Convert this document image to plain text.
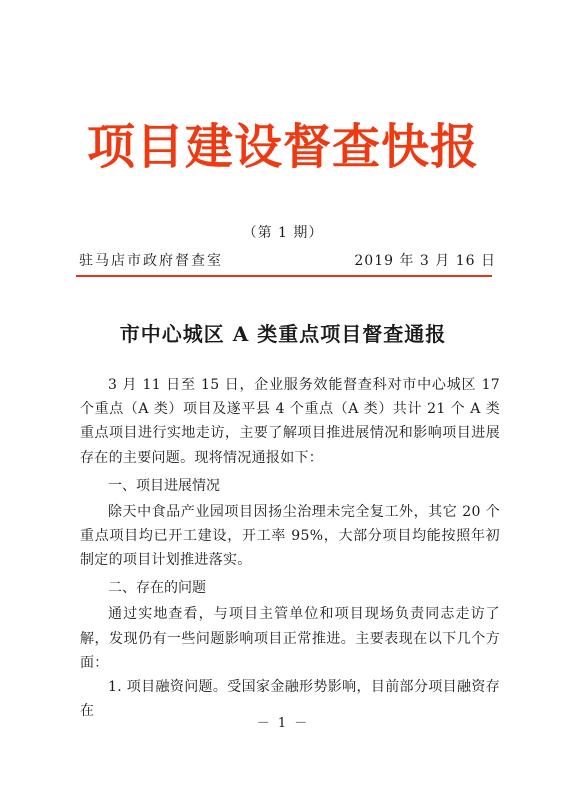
项目建设督查快报
（第 1 期）
驻马店市政府督查室	2019 年 3 月 16 日
市中心城区 A 类重点项目督查通报

3 月 11 日至 15 日，企业服务效能督查科对市中心城区 17 个重点（A 类）项目及遂平县 4 个重点（A 类）共计 21 个 A 类重点项目进行实地走访，主要了解项目推进展情况和影响项目进展存在的主要问题。现将情况通报如下：

一、项目进展情况

除天中食品产业园项目因扬尘治理未完全复工外，其它 20 个重点项目均已开工建设，开工率 95%，大部分项目均能按照年初制定的项目计划推进落实。

二、存在的问题

通过实地查看，与项目主管单位和项目现场负责同志走访了解，发现仍有一些问题影响项目正常推进。主要表现在以下几个方面：

1. 项目融资问题。受国家金融形势影响，目前部分项目融资存在

－ 1 －
